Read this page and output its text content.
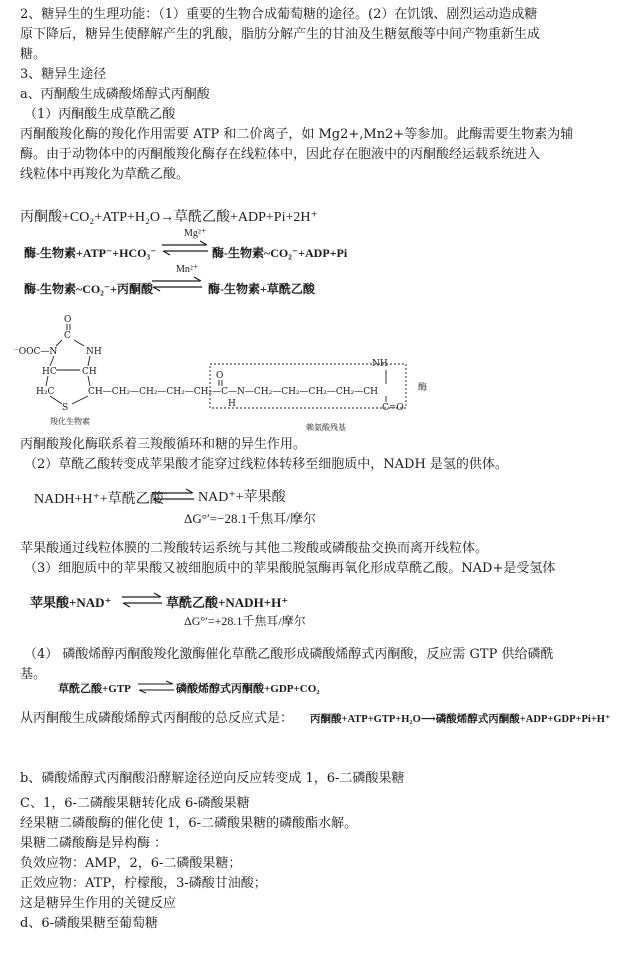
2、糖异生的生理功能：（1）重要的生物合成葡萄糖的途径。(2）在饥饿、剧烈运动造成糖
原下降后，糖异生使酵解产生的乳酸，脂肪分解产生的甘油及生糖氨酸等中间产物重新生成
糖。
3、糖异生途径
a、丙酮酸生成磷酸烯醇式丙酮酸
（1）丙酮酸生成草酰乙酸
丙酮酸羧化酶的羧化作用需要 ATP 和二价离子，如 Mg2+,Mn2+等参加。此酶需要生物素为辅
酶。由于动物体中的丙酮酸羧化酶存在线粒体中，因此存在胞液中的丙酮酸经运载系统进入
线粒体中再羧化为草酰乙酸。
丙酮酸+CO₂+ATP+H₂O→草酰乙酸+ADP+Pi+2H⁺
酶-生物素+ATP⁻+HCO₃⁻
Mg²⁺
⇌ 酶-生物素~CO₂⁻+ADP+Pi
酶-生物素~CO₂⁻+丙酮酸
Mn²⁺
⇌ 酶-生物素+草酰乙酸
O
C
⁻OOC—N	NH
HC	CH
H₂C
S
CH—CH₂—CH₂—CH₂—CH₂—C—N—CH₂—CH₂—CH₂—CH₂—CH
H
O
NH
C=O
酶
羧化生物素
赖氨酸残基
丙酮酸羧化酶联系着三羧酸循环和糖的异生作用。
（2）草酰乙酸转变成苹果酸才能穿过线粒体转移至细胞质中，NADH 是氢的供体。
NADH+H⁺+草酰乙酸 ⇌ NAD⁺+苹果酸
ΔG°′=−28.1千焦耳/摩尔
苹果酸通过线粒体膜的二羧酸转运系统与其他二羧酸或磷酸盐交换而离开线粒体。
（3）细胞质中的苹果酸又被细胞质中的苹果酸脱氢酶再氧化形成草酰乙酸。NAD+是受氢体
苹果酸+NAD⁺ ⇌ 草酰乙酸+NADH+H⁺
ΔG°′=+28.1千焦耳/摩尔
（4） 磷酸烯醇丙酮酸羧化激酶催化草酰乙酸形成磷酸烯醇式丙酮酸，反应需 GTP 供给磷酰
基。
草酰乙酸+GTP ⇌ 磷酸烯醇式丙酮酸+GDP+CO₂
从丙酮酸生成磷酸烯醇式丙酮酸的总反应式是： 丙酮酸+ATP+GTP+H₂O⟶磷酸烯醇式丙酮酸+ADP+GDP+Pi+H⁺
b、磷酸烯醇式丙酮酸沿酵解途径逆向反应转变成 1，6-二磷酸果糖
C、1，6-二磷酸果糖转化成 6-磷酸果糖
经果糖二磷酸酶的催化使 1，6-二磷酸果糖的磷酸酯水解。
果糖二磷酸酶是异构酶 ：
负效应物：AMP，2，6-二磷酸果糖；
正效应物：ATP，柠檬酸，3-磷酸甘油酸；
这是糖异生作用的关键反应
d、6-磷酸果糖至葡萄糖
